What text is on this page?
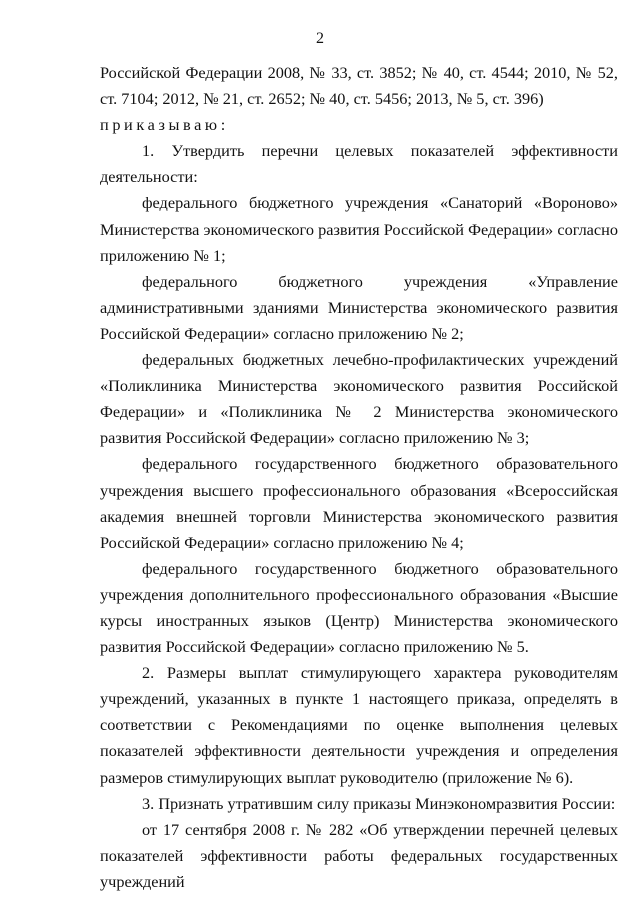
2

Российской Федерации 2008, № 33, ст. 3852; № 40, ст. 4544; 2010, № 52, ст. 7104; 2012, № 21, ст. 2652; № 40, ст. 5456; 2013, № 5, ст. 396)

приказываю:

1. Утвердить перечни целевых показателей эффективности деятельности:

федерального бюджетного учреждения «Санаторий «Вороново» Министерства экономического развития Российской Федерации» согласно приложению № 1;

федерального бюджетного учреждения «Управление административными зданиями Министерства экономического развития Российской Федерации» согласно приложению № 2;

федеральных бюджетных лечебно-профилактических учреждений «Поликлиника Министерства экономического развития Российской Федерации» и «Поликлиника № 2 Министерства экономического развития Российской Федерации» согласно приложению № 3;

федерального государственного бюджетного образовательного учреждения высшего профессионального образования «Всероссийская академия внешней торговли Министерства экономического развития Российской Федерации» согласно приложению № 4;

федерального государственного бюджетного образовательного учреждения дополнительного профессионального образования «Высшие курсы иностранных языков (Центр) Министерства экономического развития Российской Федерации» согласно приложению № 5.

2. Размеры выплат стимулирующего характера руководителям учреждений, указанных в пункте 1 настоящего приказа, определять в соответствии с Рекомендациями по оценке выполнения целевых показателей эффективности деятельности учреждения и определения размеров стимулирующих выплат руководителю (приложение № 6).

3. Признать утратившим силу приказы Минэкономразвития России:

от 17 сентября 2008 г. № 282 «Об утверждении перечней целевых показателей эффективности работы федеральных государственных учреждений
